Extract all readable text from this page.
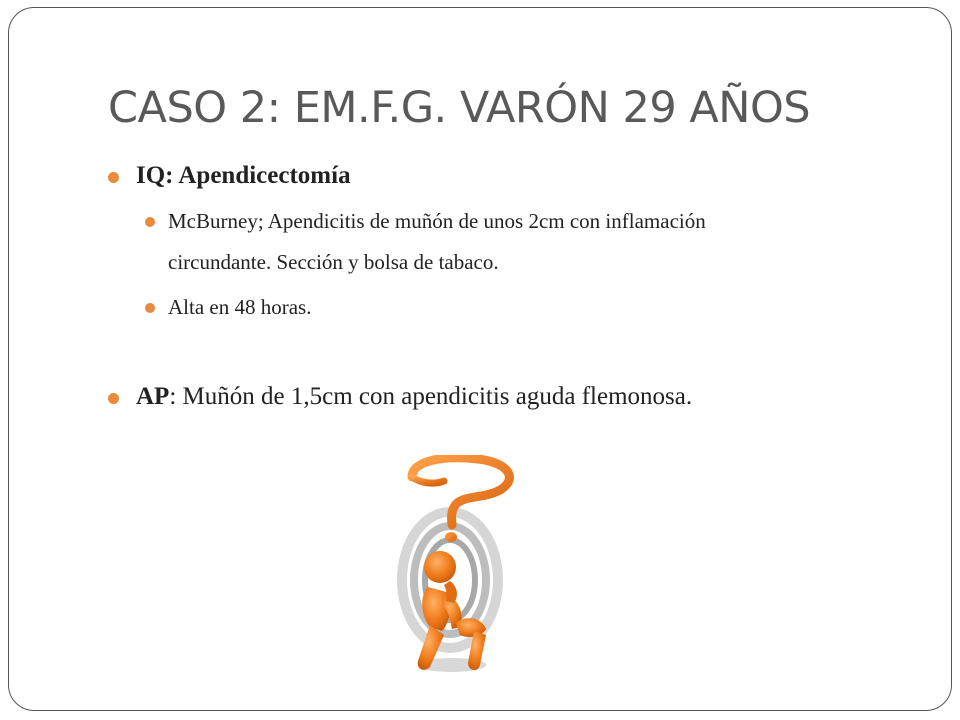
CASO 2: EM.F.G. VARÓN 29 AÑOS
IQ: Apendicectomía
McBurney; Apendicitis de muñón de unos 2cm con inflamación
circundante. Sección y bolsa de tabaco.
Alta en 48 horas.
AP: Muñón de 1,5cm con apendicitis aguda flemonosa.
